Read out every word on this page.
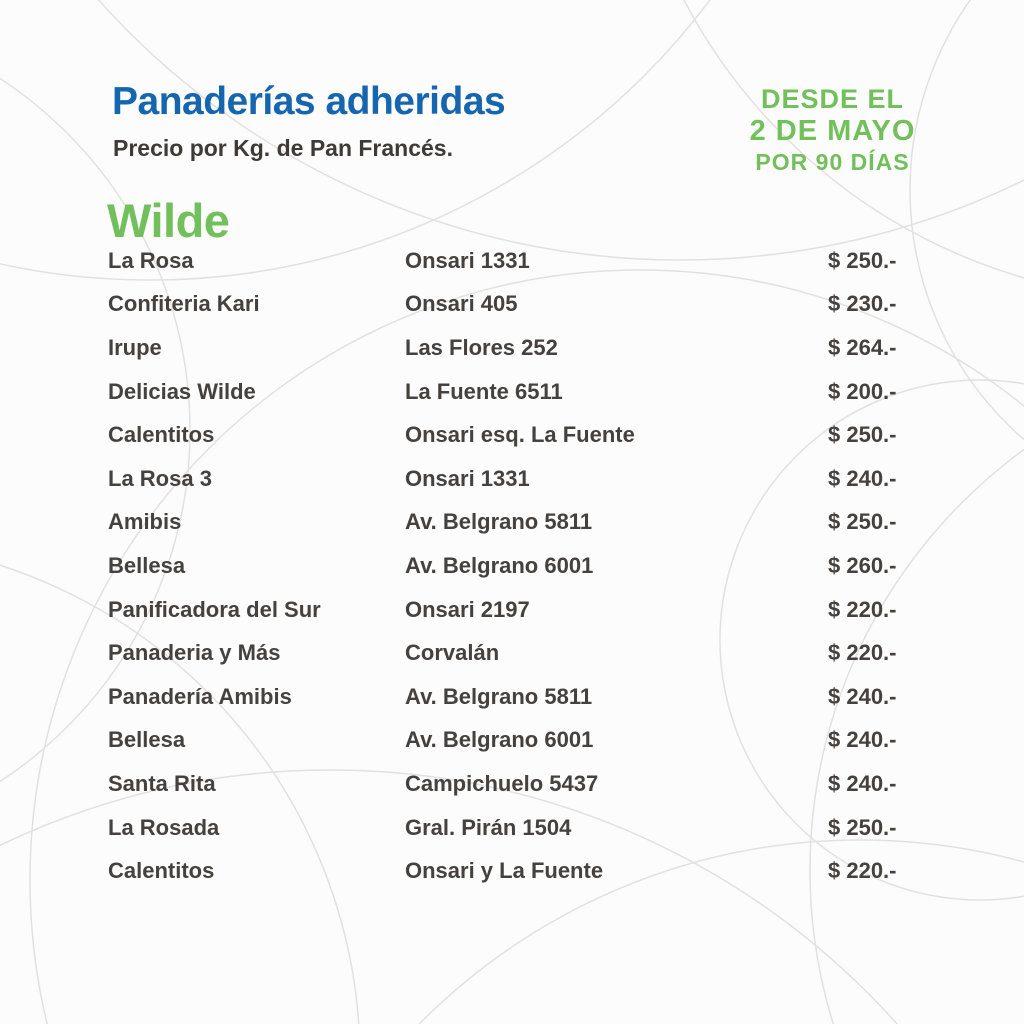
Panaderías adheridas
Precio por Kg. de Pan Francés.
DESDE EL
2 DE MAYO
POR 90 DÍAS
Wilde
La Rosa	Onsari 1331	$ 250.-
Confiteria Kari	Onsari 405	$ 230.-
Irupe	Las Flores 252	$ 264.-
Delicias Wilde	La Fuente 6511	$ 200.-
Calentitos	Onsari esq. La Fuente	$ 250.-
La Rosa 3	Onsari 1331	$ 240.-
Amibis	Av. Belgrano 5811	$ 250.-
Bellesa	Av. Belgrano 6001	$ 260.-
Panificadora del Sur	Onsari 2197	$ 220.-
Panaderia y Más	Corvalán	$ 220.-
Panadería Amibis	Av. Belgrano 5811	$ 240.-
Bellesa	Av. Belgrano 6001	$ 240.-
Santa Rita	Campichuelo 5437	$ 240.-
La Rosada	Gral. Pirán 1504	$ 250.-
Calentitos	Onsari y La Fuente	$ 220.-
